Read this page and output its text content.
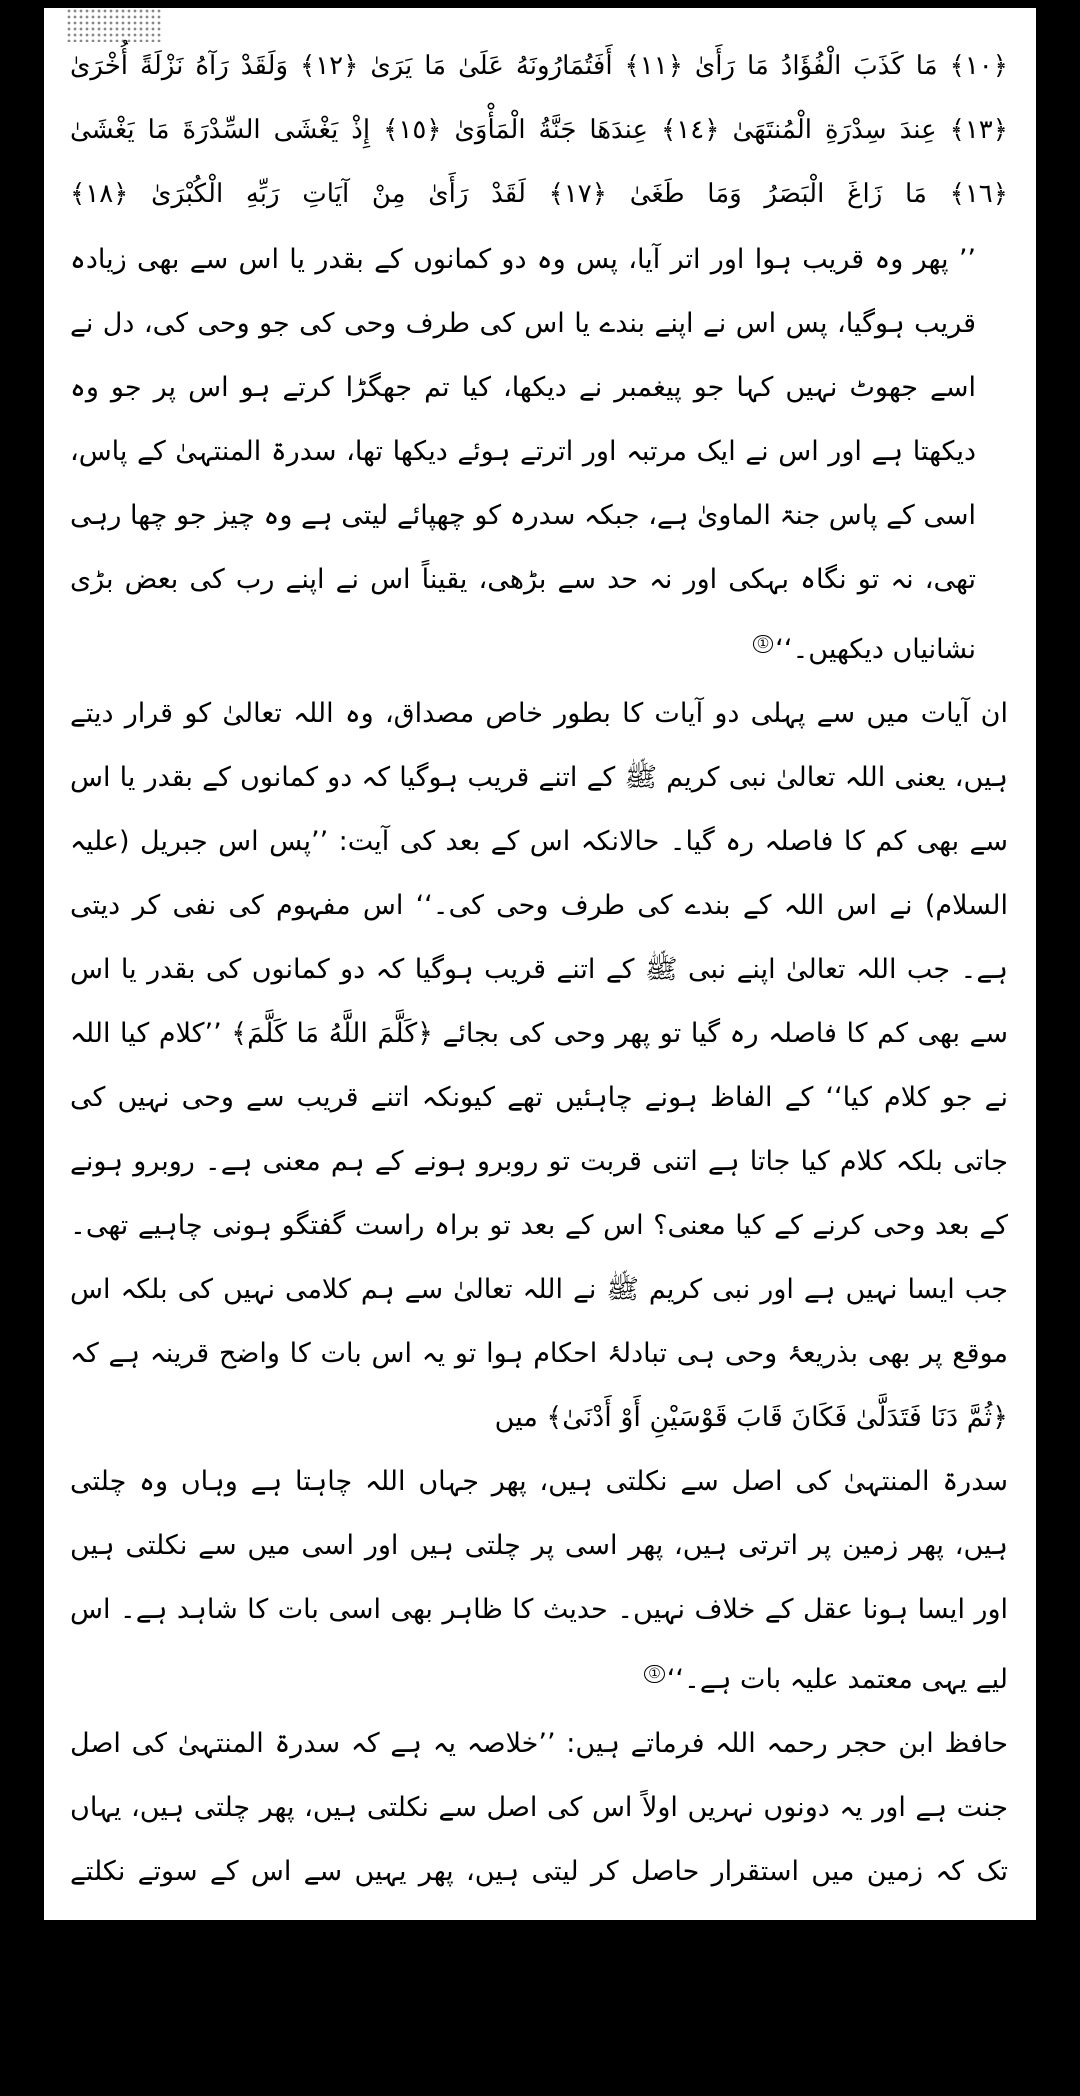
﴿١٠﴾ مَا كَذَبَ الْفُؤَادُ مَا رَأَىٰ ﴿١١﴾ أَفَتُمَارُونَهُ عَلَىٰ مَا يَرَىٰ ﴿١٢﴾ وَلَقَدْ رَآهُ نَزْلَةً أُخْرَىٰ
﴿١٣﴾ عِندَ سِدْرَةِ الْمُنتَهَىٰ ﴿١٤﴾ عِندَهَا جَنَّةُ الْمَأْوَىٰ ﴿١٥﴾ إِذْ يَغْشَى السِّدْرَةَ مَا يَغْشَىٰ
﴿١٦﴾ مَا زَاغَ الْبَصَرُ وَمَا طَغَىٰ ﴿١٧﴾ لَقَدْ رَأَىٰ مِنْ آيَاتِ رَبِّهِ الْكُبْرَىٰ ﴿١٨﴾
’’ پھر وہ قریب ہوا اور اتر آیا، پس وہ دو کمانوں کے بقدر یا اس سے بھی زیادہ قریب ہوگیا، پس اس نے اپنے بندے یا اس کی طرف وحی کی جو وحی کی، دل نے اسے جھوٹ نہیں کہا جو پیغمبر نے دیکھا، کیا تم جھگڑا کرتے ہو اس پر جو وہ دیکھتا ہے اور اس نے ایک مرتبہ اور اترتے ہوئے دیکھا تھا، سدرۃ المنتہیٰ کے پاس، اسی کے پاس جنۃ الماویٰ ہے، جبکہ سدرہ کو چھپائے لیتی ہے وہ چیز جو چھا رہی تھی، نہ تو نگاہ بہکی اور نہ حد سے بڑھی، یقیناً اس نے اپنے رب کی بعض بڑی نشانیاں دیکھیں۔‘‘①
ان آیات میں سے پہلی دو آیات کا بطور خاص مصداق، وہ اللہ تعالیٰ کو قرار دیتے ہیں، یعنی اللہ تعالیٰ نبی کریم ﷺ کے اتنے قریب ہوگیا کہ دو کمانوں کے بقدر یا اس سے بھی کم کا فاصلہ رہ گیا۔ حالانکہ اس کے بعد کی آیت: ’’پس اس جبریل (علیہ السلام) نے اس اللہ کے بندے کی طرف وحی کی۔‘‘ اس مفہوم کی نفی کر دیتی ہے۔ جب اللہ تعالیٰ اپنے نبی ﷺ کے اتنے قریب ہوگیا کہ دو کمانوں کی بقدر یا اس سے بھی کم کا فاصلہ رہ گیا تو پھر وحی کی بجائے ﴿كَلَّمَ اللَّهُ مَا كَلَّمَ﴾ ’’کلام کیا اللہ نے جو کلام کیا‘‘ کے الفاظ ہونے چاہئیں تھے کیونکہ اتنے قریب سے وحی نہیں کی جاتی بلکہ کلام کیا جاتا ہے اتنی قربت تو روبرو ہونے کے ہم معنی ہے۔ روبرو ہونے کے بعد وحی کرنے کے کیا معنی؟ اس کے بعد تو براہ راست گفتگو ہونی چاہیے تھی۔ جب ایسا نہیں ہے اور نبی کریم ﷺ نے اللہ تعالیٰ سے ہم کلامی نہیں کی بلکہ اس موقع پر بھی بذریعۂ وحی ہی تبادلۂ احکام ہوا تو یہ اس بات کا واضح قرینہ ہے کہ ﴿ثُمَّ دَنَا فَتَدَلَّىٰ فَكَانَ قَابَ قَوْسَيْنِ أَوْ أَدْنَىٰ﴾ میں
سدرۃ المنتہیٰ کی اصل سے نکلتی ہیں، پھر جہاں اللہ چاہتا ہے وہاں وہ چلتی ہیں، پھر زمین پر اترتی ہیں، پھر اسی پر چلتی ہیں اور اسی میں سے نکلتی ہیں اور ایسا ہونا عقل کے خلاف نہیں۔ حدیث کا ظاہر بھی اسی بات کا شاہد ہے۔ اس لیے یہی معتمد علیہ بات ہے۔‘‘①
حافظ ابن حجر رحمہ اللہ فرماتے ہیں: ’’خلاصہ یہ ہے کہ سدرۃ المنتہیٰ کی اصل جنت ہے اور یہ دونوں نہریں اولاً اس کی اصل سے نکلتی ہیں، پھر چلتی ہیں، یہاں تک کہ زمین میں استقرار حاصل کر لیتی ہیں، پھر یہیں سے اس کے سوتے نکلتے ہیں۔‘‘
(حوالۂ مذکور)
شیخ البانی رحمہ اللہ لکھتے ہیں: ’’ان نہروں کے جنت سے ہونے سے مراد شاید یہ ہے کہ ان کی
